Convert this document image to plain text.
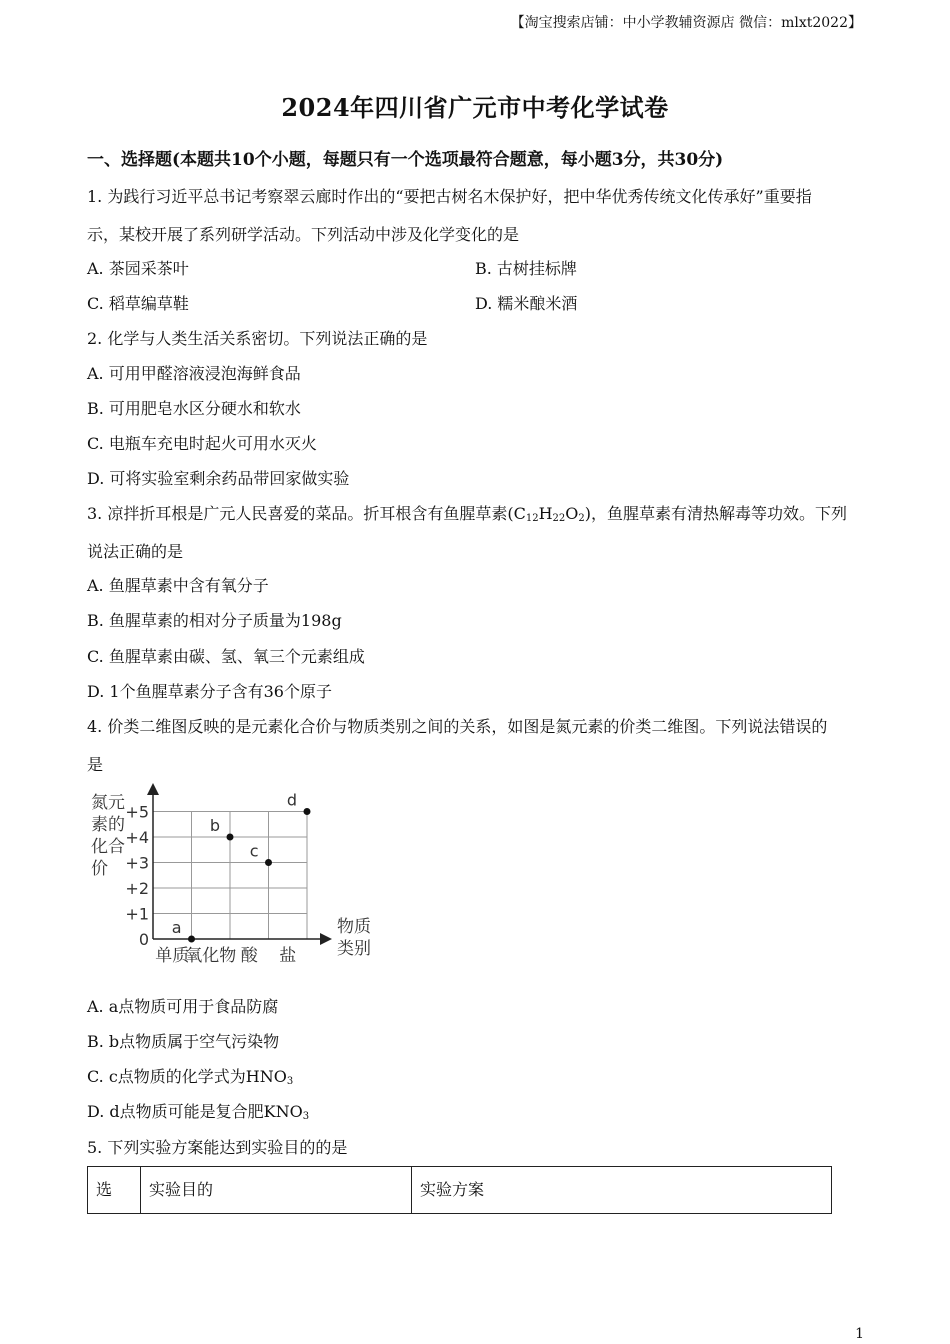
【淘宝搜索店铺：中小学教辅资源店 微信：mlxt2022】
2024年四川省广元市中考化学试卷
一、选择题(本题共10个小题，每题只有一个选项最符合题意，每小题3分，共30分)
1. 为践行习近平总书记考察翠云廊时作出的“要把古树名木保护好，把中华优秀传统文化传承好”重要指
示，某校开展了系列研学活动。下列活动中涉及化学变化的是
A. 茶园采茶叶	B. 古树挂标牌
C. 稻草编草鞋	D. 糯米酿米酒
2. 化学与人类生活关系密切。下列说法正确的是
A. 可用甲醛溶液浸泡海鲜食品
B. 可用肥皂水区分硬水和软水
C. 电瓶车充电时起火可用水灭火
D. 可将实验室剩余药品带回家做实验
3. 凉拌折耳根是广元人民喜爱的菜品。折耳根含有鱼腥草素$(C_{12}H_{22}O_2)$，鱼腥草素有清热解毒等功效。下列
说法正确的是
A. 鱼腥草素中含有氧分子
B. 鱼腥草素的相对分子质量为198g
C. 鱼腥草素由碳、氢、氧三个元素组成
D. 1个鱼腥草素分子含有36个原子
4. 价类二维图反映的是元素化合价与物质类别之间的关系，如图是氮元素的价类二维图。下列说法错误的
是
氮元
素的
化合
价
物质
类别
0
+1
+2
+3
+4
+5
单质
氧化物 酸 盐
a
b
c
d
A. a点物质可用于食品防腐
B. b点物质属于空气污染物
C. c点物质的化学式为$HNO_3$
D. d点物质可能是复合肥$KNO_3$
5. 下列实验方案能达到实验目的的是
选	实验目的	实验方案
1
